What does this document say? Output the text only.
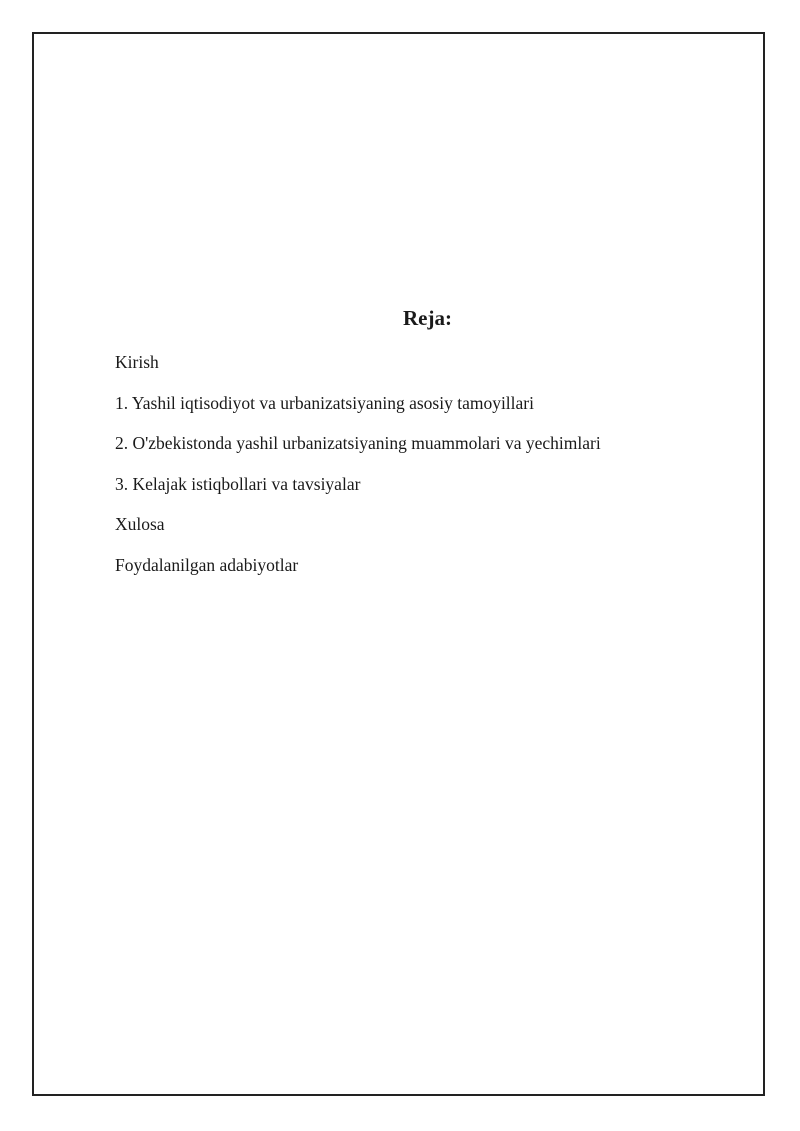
Reja:
Kirish
1. Yashil iqtisodiyot va urbanizatsiyaning asosiy tamoyillari
2. O'zbekistonda yashil urbanizatsiyaning muammolari va yechimlari
3. Kelajak istiqbollari va tavsiyalar
Xulosa
Foydalanilgan adabiyotlar
